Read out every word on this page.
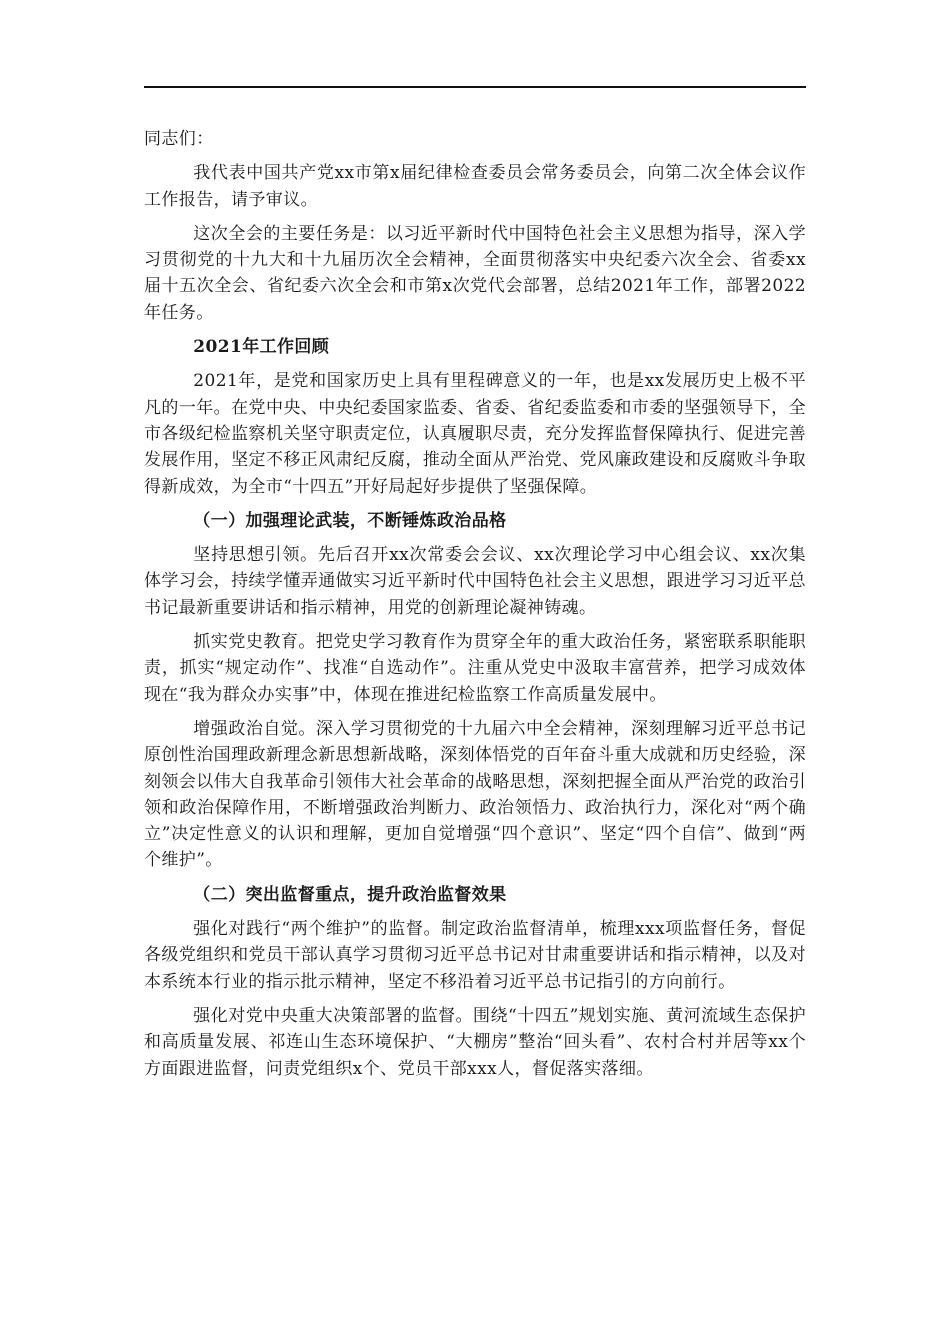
同志们：

我代表中国共产党xx市第x届纪律检查委员会常务委员会，向第二次全体会议作工作报告，请予审议。

这次全会的主要任务是：以习近平新时代中国特色社会主义思想为指导，深入学习贯彻党的十九大和十九届历次全会精神，全面贯彻落实中央纪委六次全会、省委xx届十五次全会、省纪委六次全会和市第x次党代会部署，总结2021年工作，部署2022年任务。

2021年工作回顾

2021年，是党和国家历史上具有里程碑意义的一年，也是xx发展历史上极不平凡的一年。在党中央、中央纪委国家监委、省委、省纪委监委和市委的坚强领导下，全市各级纪检监察机关坚守职责定位，认真履职尽责，充分发挥监督保障执行、促进完善发展作用，坚定不移正风肃纪反腐，推动全面从严治党、党风廉政建设和反腐败斗争取得新成效，为全市“十四五”开好局起好步提供了坚强保障。

（一）加强理论武装，不断锤炼政治品格

坚持思想引领。先后召开xx次常委会会议、xx次理论学习中心组会议、xx次集体学习会，持续学懂弄通做实习近平新时代中国特色社会主义思想，跟进学习习近平总书记最新重要讲话和指示精神，用党的创新理论凝神铸魂。

抓实党史教育。把党史学习教育作为贯穿全年的重大政治任务，紧密联系职能职责，抓实“规定动作”、找准“自选动作”。注重从党史中汲取丰富营养，把学习成效体现在“我为群众办实事”中，体现在推进纪检监察工作高质量发展中。

增强政治自觉。深入学习贯彻党的十九届六中全会精神，深刻理解习近平总书记原创性治国理政新理念新思想新战略，深刻体悟党的百年奋斗重大成就和历史经验，深刻领会以伟大自我革命引领伟大社会革命的战略思想，深刻把握全面从严治党的政治引领和政治保障作用，不断增强政治判断力、政治领悟力、政治执行力，深化对“两个确立”决定性意义的认识和理解，更加自觉增强“四个意识”、坚定“四个自信”、做到“两个维护”。

（二）突出监督重点，提升政治监督效果

强化对践行“两个维护”的监督。制定政治监督清单，梳理xxx项监督任务，督促各级党组织和党员干部认真学习贯彻习近平总书记对甘肃重要讲话和指示精神，以及对本系统本行业的指示批示精神，坚定不移沿着习近平总书记指引的方向前行。

强化对党中央重大决策部署的监督。围绕“十四五”规划实施、黄河流域生态保护和高质量发展、祁连山生态环境保护、“大棚房”整治“回头看”、农村合村并居等xx个方面跟进监督，问责党组织x个、党员干部xxx人，督促落实落细。
